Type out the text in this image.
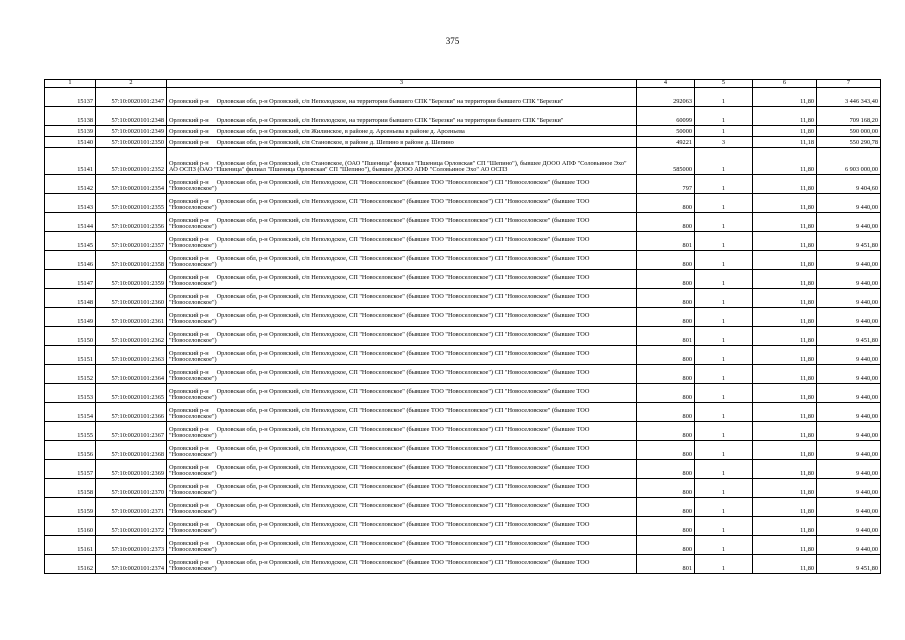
375
1	2	3	4	5	6	7
15137	57:10:0020101:2347	Орловский р-н Орловская обл, р-н Орловский, с/п Неполодское, на территории бывшего СПК "Березки" на территории бывшего СПК "Березки"	292063	1	11,80	3 446 343,40
15138	57:10:0020101:2348	Орловский р-н Орловская обл, р-н Орловский, с/п Неполодское, на территории бывшего СПК "Березки" на территории бывшего СПК "Березки"	60099	1	11,80	709 168,20
15139	57:10:0020101:2349	Орловский р-н Орловская обл, р-н Орловский, с/п Жилинское, в районе д. Арсеньева в районе д. Арсеньева	50000	1	11,80	590 000,00
15140	57:10:0020101:2350	Орловский р-н Орловская обл, р-н Орловский, с/п Становское, в районе д. Шепино в районе д. Шепино	49221	3	11,18	550 290,78
15141	57:10:0020101:2352	Орловский р-н Орловская обл, р-н Орловский, с/п Становское, (ОАО "Пшеница" филиал "Пшеница Орловская" СП "Шепино"), бывшее ДООО АПФ "Соловьиное Эхо" АО ОСПЗ (ОАО "Пшеница" филиал "Пшеница Орловская" СП "Шепино"), бывшее ДООО АПФ "Соловьиное Эхо" АО ОСПЗ	585000	1	11,80	6 903 000,00
15142	57:10:0020101:2354	Орловский р-н Орловская обл, р-н Орловский, с/п Неполодское, СП "Новоселовское" (бывшее ТОО "Новоселовское") СП "Новоселовское" (бывшее ТОО "Новоселовское")	797	1	11,80	9 404,60
15143	57:10:0020101:2355	Орловский р-н Орловская обл, р-н Орловский, с/п Неполодское, СП "Новоселовское" (бывшее ТОО "Новоселовское") СП "Новоселовское" (бывшее ТОО "Новоселовское")	800	1	11,80	9 440,00
15144	57:10:0020101:2356	Орловский р-н Орловская обл, р-н Орловский, с/п Неполодское, СП "Новоселовское" (бывшее ТОО "Новоселовское") СП "Новоселовское" (бывшее ТОО "Новоселовское")	800	1	11,80	9 440,00
15145	57:10:0020101:2357	Орловский р-н Орловская обл, р-н Орловский, с/п Неполодское, СП "Новоселовское" (бывшее ТОО "Новоселовское") СП "Новоселовское" (бывшее ТОО "Новоселовское")	801	1	11,80	9 451,80
15146	57:10:0020101:2358	Орловский р-н Орловская обл, р-н Орловский, с/п Неполодское, СП "Новоселовское" (бывшее ТОО "Новоселовское") СП "Новоселовское" (бывшее ТОО "Новоселовское")	800	1	11,80	9 440,00
15147	57:10:0020101:2359	Орловский р-н Орловская обл, р-н Орловский, с/п Неполодское, СП "Новоселовское" (бывшее ТОО "Новоселовское") СП "Новоселовское" (бывшее ТОО "Новоселовское")	800	1	11,80	9 440,00
15148	57:10:0020101:2360	Орловский р-н Орловская обл, р-н Орловский, с/п Неполодское, СП "Новоселовское" (бывшее ТОО "Новоселовское") СП "Новоселовское" (бывшее ТОО "Новоселовское")	800	1	11,80	9 440,00
15149	57:10:0020101:2361	Орловский р-н Орловская обл, р-н Орловский, с/п Неполодское, СП "Новоселовское" (бывшее ТОО "Новоселовское") СП "Новоселовское" (бывшее ТОО "Новоселовское")	800	1	11,80	9 440,00
15150	57:10:0020101:2362	Орловский р-н Орловская обл, р-н Орловский, с/п Неполодское, СП "Новоселовское" (бывшее ТОО "Новоселовское") СП "Новоселовское" (бывшее ТОО "Новоселовское")	801	1	11,80	9 451,80
15151	57:10:0020101:2363	Орловский р-н Орловская обл, р-н Орловский, с/п Неполодское, СП "Новоселовское" (бывшее ТОО "Новоселовское") СП "Новоселовское" (бывшее ТОО "Новоселовское")	800	1	11,80	9 440,00
15152	57:10:0020101:2364	Орловский р-н Орловская обл, р-н Орловский, с/п Неполодское, СП "Новоселовское" (бывшее ТОО "Новоселовское") СП "Новоселовское" (бывшее ТОО "Новоселовское")	800	1	11,80	9 440,00
15153	57:10:0020101:2365	Орловский р-н Орловская обл, р-н Орловский, с/п Неполодское, СП "Новоселовское" (бывшее ТОО "Новоселовское") СП "Новоселовское" (бывшее ТОО "Новоселовское")	800	1	11,80	9 440,00
15154	57:10:0020101:2366	Орловский р-н Орловская обл, р-н Орловский, с/п Неполодское, СП "Новоселовское" (бывшее ТОО "Новоселовское") СП "Новоселовское" (бывшее ТОО "Новоселовское")	800	1	11,80	9 440,00
15155	57:10:0020101:2367	Орловский р-н Орловская обл, р-н Орловский, с/п Неполодское, СП "Новоселовское" (бывшее ТОО "Новоселовское") СП "Новоселовское" (бывшее ТОО "Новоселовское")	800	1	11,80	9 440,00
15156	57:10:0020101:2368	Орловский р-н Орловская обл, р-н Орловский, с/п Неполодское, СП "Новоселовское" (бывшее ТОО "Новоселовское") СП "Новоселовское" (бывшее ТОО "Новоселовское")	800	1	11,80	9 440,00
15157	57:10:0020101:2369	Орловский р-н Орловская обл, р-н Орловский, с/п Неполодское, СП "Новоселовское" (бывшее ТОО "Новоселовское") СП "Новоселовское" (бывшее ТОО "Новоселовское")	800	1	11,80	9 440,00
15158	57:10:0020101:2370	Орловский р-н Орловская обл, р-н Орловский, с/п Неполодское, СП "Новоселовское" (бывшее ТОО "Новоселовское") СП "Новоселовское" (бывшее ТОО "Новоселовское")	800	1	11,80	9 440,00
15159	57:10:0020101:2371	Орловский р-н Орловская обл, р-н Орловский, с/п Неполодское, СП "Новоселовское" (бывшее ТОО "Новоселовское") СП "Новоселовское" (бывшее ТОО "Новоселовское")	800	1	11,80	9 440,00
15160	57:10:0020101:2372	Орловский р-н Орловская обл, р-н Орловский, с/п Неполодское, СП "Новоселовское" (бывшее ТОО "Новоселовское") СП "Новоселовское" (бывшее ТОО "Новоселовское")	800	1	11,80	9 440,00
15161	57:10:0020101:2373	Орловский р-н Орловская обл, р-н Орловский, с/п Неполодское, СП "Новоселовское" (бывшее ТОО "Новоселовское") СП "Новоселовское" (бывшее ТОО "Новоселовское")	800	1	11,80	9 440,00
15162	57:10:0020101:2374	Орловский р-н Орловская обл, р-н Орловский, с/п Неполодское, СП "Новоселовское" (бывшее ТОО "Новоселовское") СП "Новоселовское" (бывшее ТОО "Новоселовское")	801	1	11,80	9 451,80
